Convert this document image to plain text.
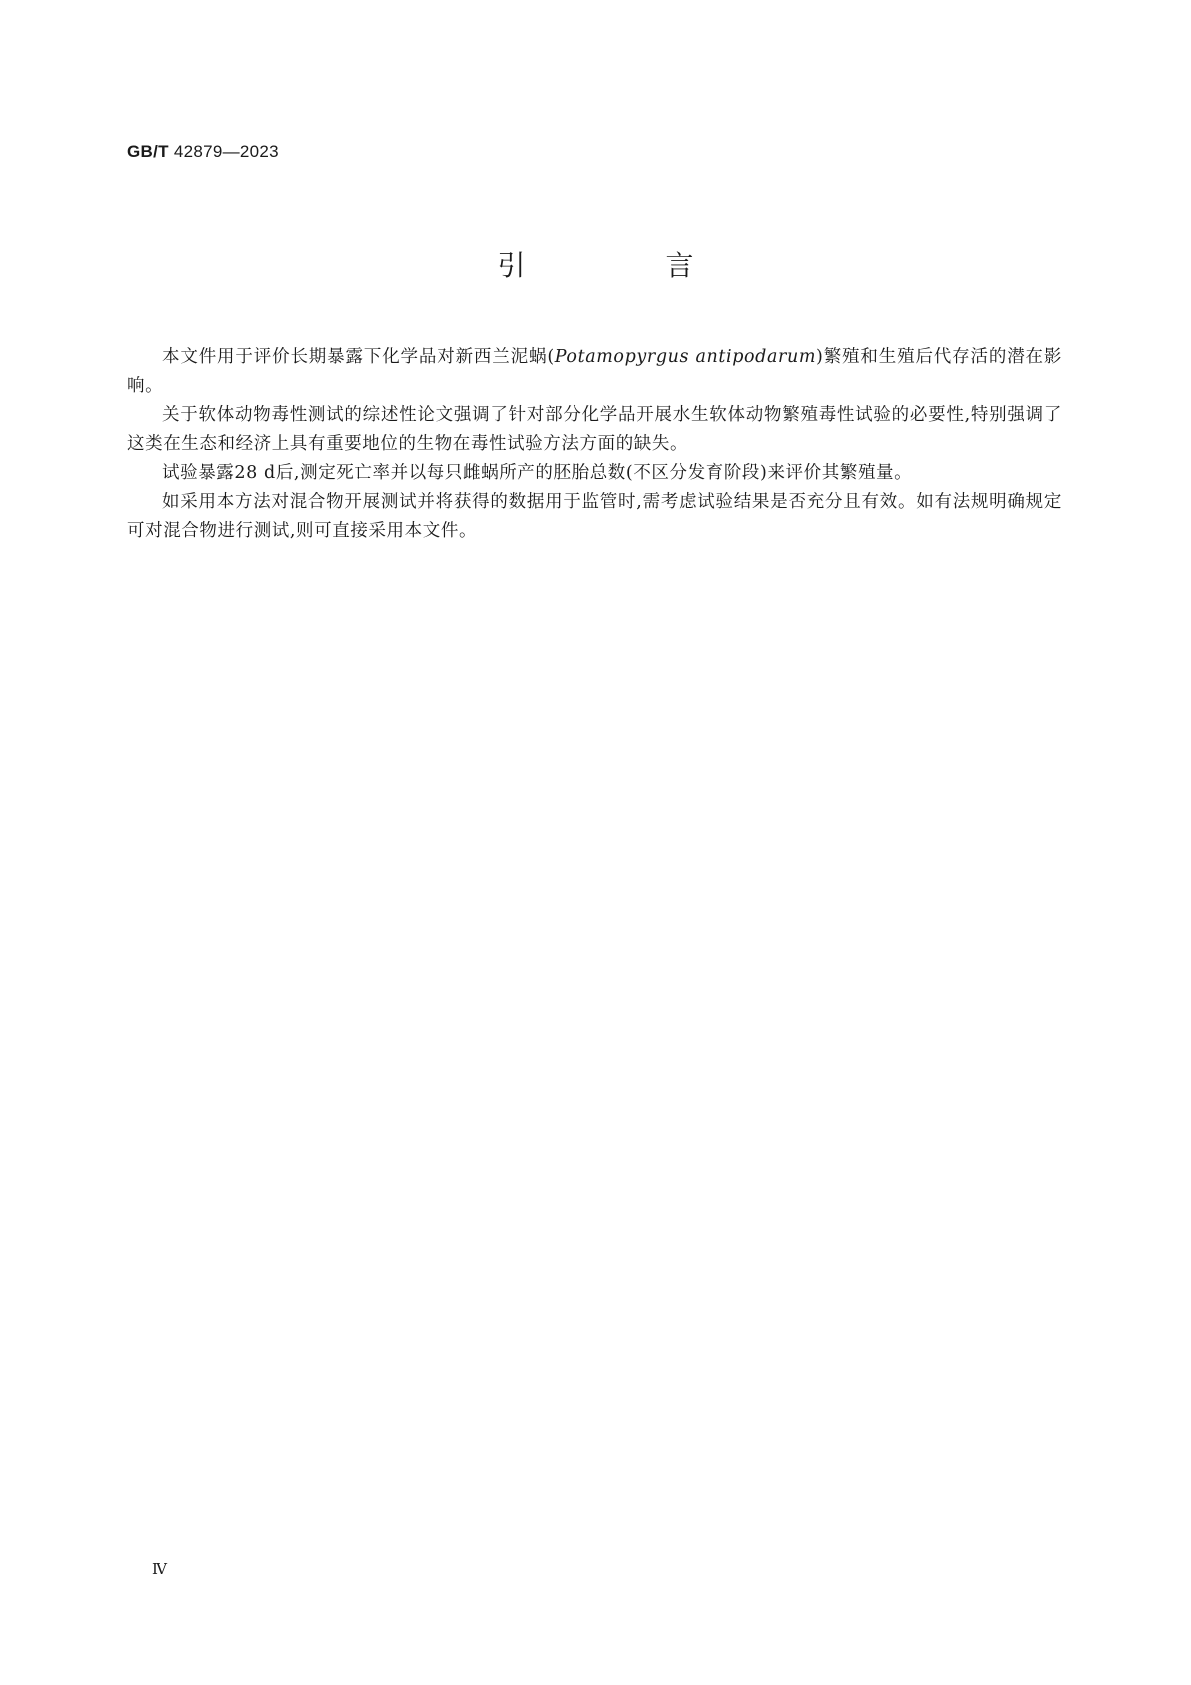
GB/T 42879—2023
引　言

本文件用于评价长期暴露下化学品对新西兰泥蜗(Potamopyrgus antipodarum)繁殖和生殖后代存活的潜在影响。

关于软体动物毒性测试的综述性论文强调了针对部分化学品开展水生软体动物繁殖毒性试验的必要性,特别强调了这类在生态和经济上具有重要地位的生物在毒性试验方法方面的缺失。

试验暴露28 d后,测定死亡率并以每只雌蜗所产的胚胎总数(不区分发育阶段)来评价其繁殖量。

如采用本方法对混合物开展测试并将获得的数据用于监管时,需考虑试验结果是否充分且有效。如有法规明确规定可对混合物进行测试,则可直接采用本文件。

Ⅳ
